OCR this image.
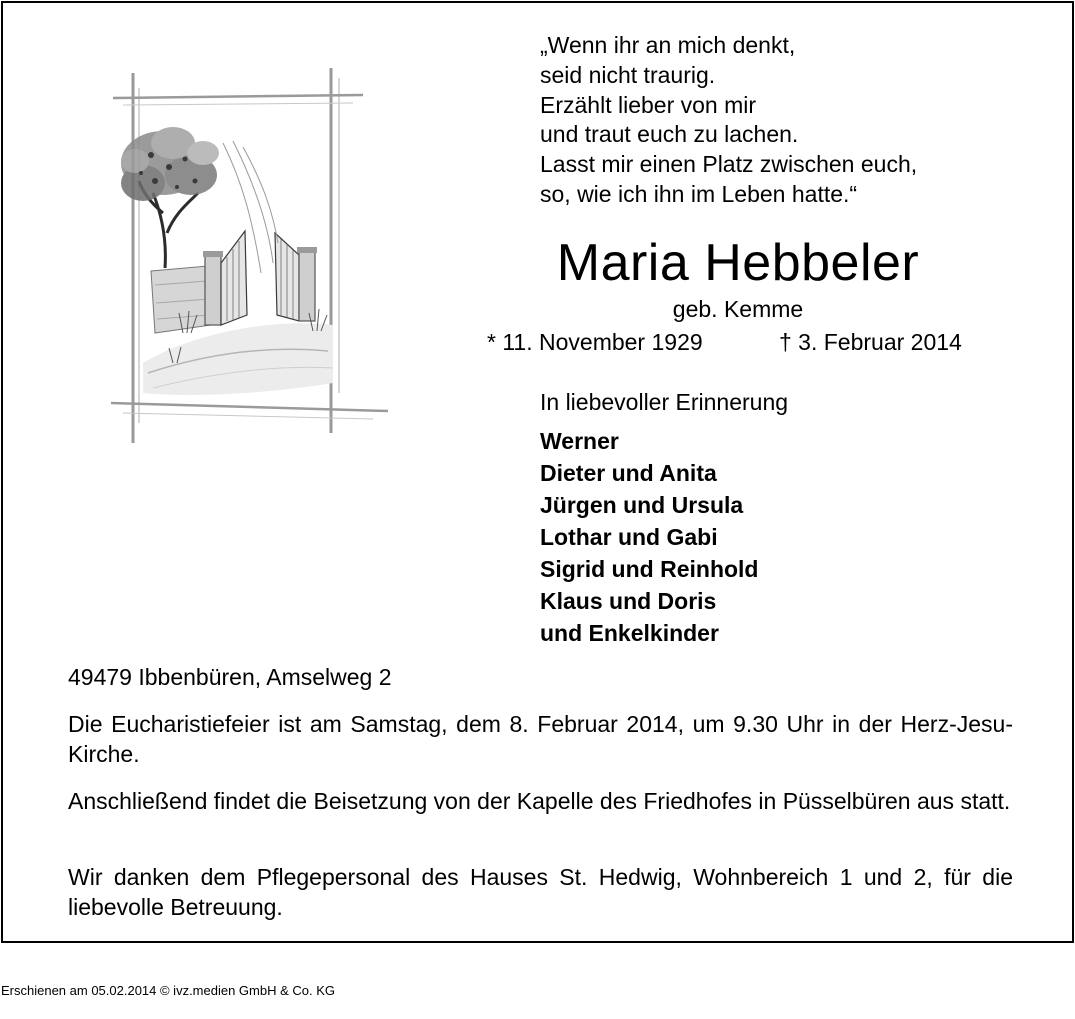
„Wenn ihr an mich denkt,
seid nicht traurig.
Erzählt lieber von mir
und traut euch zu lachen.
Lasst mir einen Platz zwischen euch,
so, wie ich ihn im Leben hatte.“
Maria Hebbeler
geb. Kemme
* 11. November 1929	† 3. Februar 2014
In liebevoller Erinnerung
Werner
Dieter und Anita
Jürgen und Ursula
Lothar und Gabi
Sigrid und Reinhold
Klaus und Doris
und Enkelkinder
49479 Ibbenbüren, Amselweg 2
Die Eucharistiefeier ist am Samstag, dem 8. Februar 2014, um 9.30 Uhr in der Herz-Jesu-Kirche.
Anschließend findet die Beisetzung von der Kapelle des Friedhofes in Püsselbüren aus statt.
Wir danken dem Pflegepersonal des Hauses St. Hedwig, Wohnbereich 1 und 2, für die liebevolle Betreuung.
Erschienen am 05.02.2014 © ivz.medien GmbH & Co. KG
